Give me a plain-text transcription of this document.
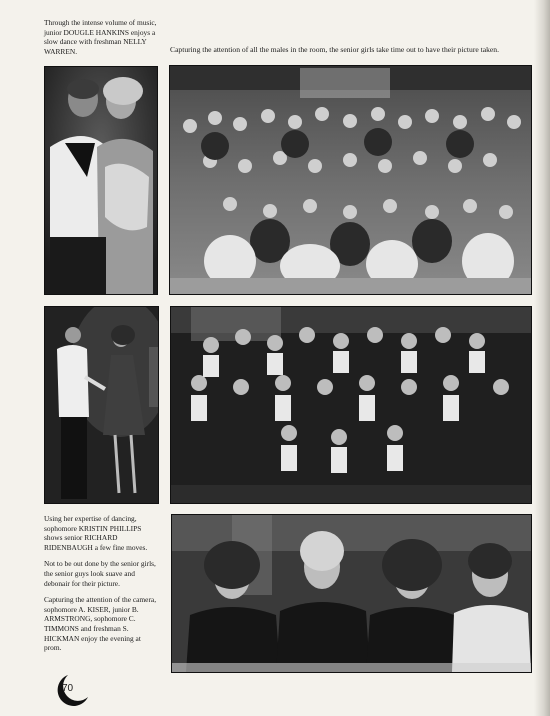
Through the intense volume of music, junior DOUGLE HANKINS enjoys a slow dance with freshman NELLY WARREN.	Capturing the attention of all the males in the room, the senior girls take time out to have their picture taken.

Using her expertise of dancing, sophomore KRISTIN PHILLIPS shows senior RICHARD RIDENBAUGH a few fine moves.

Not to be out done by the senior girls, the senior guys look suave and debonair for their picture.

Capturing the attention of the camera, sophomore A. KISER, junior B. ARMSTRONG, sophomore C. TIMMONS and freshman S. HICKMAN enjoy the evening at prom.

70
